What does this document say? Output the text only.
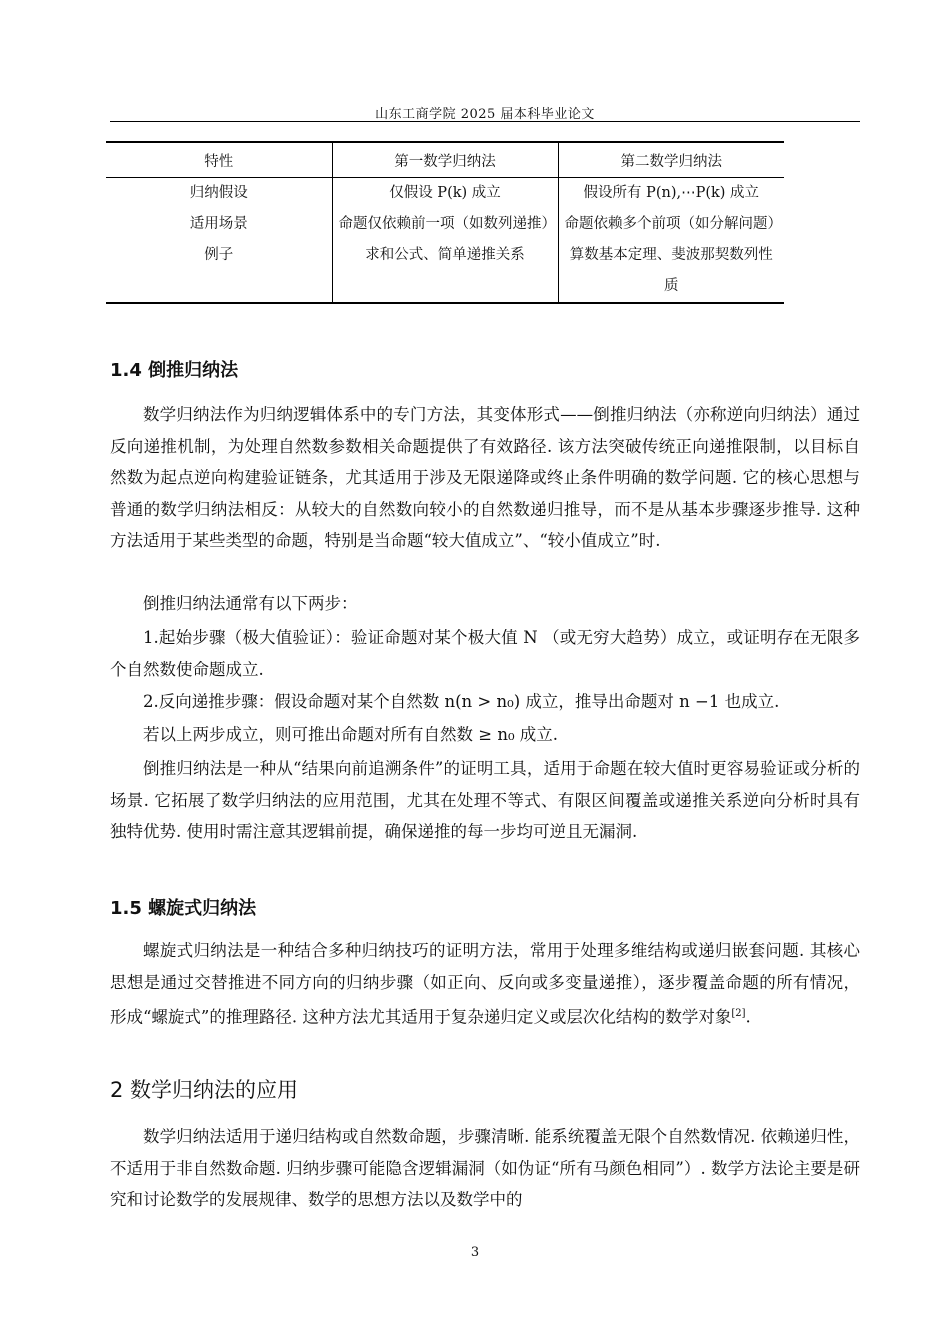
山东工商学院 2025 届本科毕业论文
特性	第一数学归纳法	第二数学归纳法
归纳假设	仅假设 P(k) 成立	假设所有 P(n),⋯P(k) 成立
适用场景	命题仅依赖前一项（如数列递推）	命题依赖多个前项（如分解问题）
例子	求和公式、简单递推关系	算数基本定理、斐波那契数列性质
1.4 倒推归纳法
数学归纳法作为归纳逻辑体系中的专门方法，其变体形式——倒推归纳法（亦称逆向归纳法）通过反向递推机制，为处理自然数参数相关命题提供了有效路径. 该方法突破传统正向递推限制，以目标自然数为起点逆向构建验证链条，尤其适用于涉及无限递降或终止条件明确的数学问题. 它的核心思想与普通的数学归纳法相反：从较大的自然数向较小的自然数递归推导，而不是从基本步骤逐步推导. 这种方法适用于某些类型的命题，特别是当命题“较大值成立”、“较小值成立”时.
倒推归纳法通常有以下两步：
1.起始步骤（极大值验证）：验证命题对某个极大值 N （或无穷大趋势）成立，或证明存在无限多个自然数使命题成立.
2.反向递推步骤：假设命题对某个自然数 n(n > n₀) 成立，推导出命题对 n −1 也成立.
若以上两步成立，则可推出命题对所有自然数 ≥ n₀ 成立.
倒推归纳法是一种从“结果向前追溯条件”的证明工具，适用于命题在较大值时更容易验证或分析的场景. 它拓展了数学归纳法的应用范围，尤其在处理不等式、有限区间覆盖或递推关系逆向分析时具有独特优势. 使用时需注意其逻辑前提，确保递推的每一步均可逆且无漏洞.
1.5 螺旋式归纳法
螺旋式归纳法是一种结合多种归纳技巧的证明方法，常用于处理多维结构或递归嵌套问题. 其核心思想是通过交替推进不同方向的归纳步骤（如正向、反向或多变量递推），逐步覆盖命题的所有情况，形成“螺旋式”的推理路径. 这种方法尤其适用于复杂递归定义或层次化结构的数学对象[2].
2 数学归纳法的应用
数学归纳法适用于递归结构或自然数命题，步骤清晰. 能系统覆盖无限个自然数情况. 依赖递归性，不适用于非自然数命题. 归纳步骤可能隐含逻辑漏洞（如伪证“所有马颜色相同”）. 数学方法论主要是研究和讨论数学的发展规律、数学的思想方法以及数学中的
3
